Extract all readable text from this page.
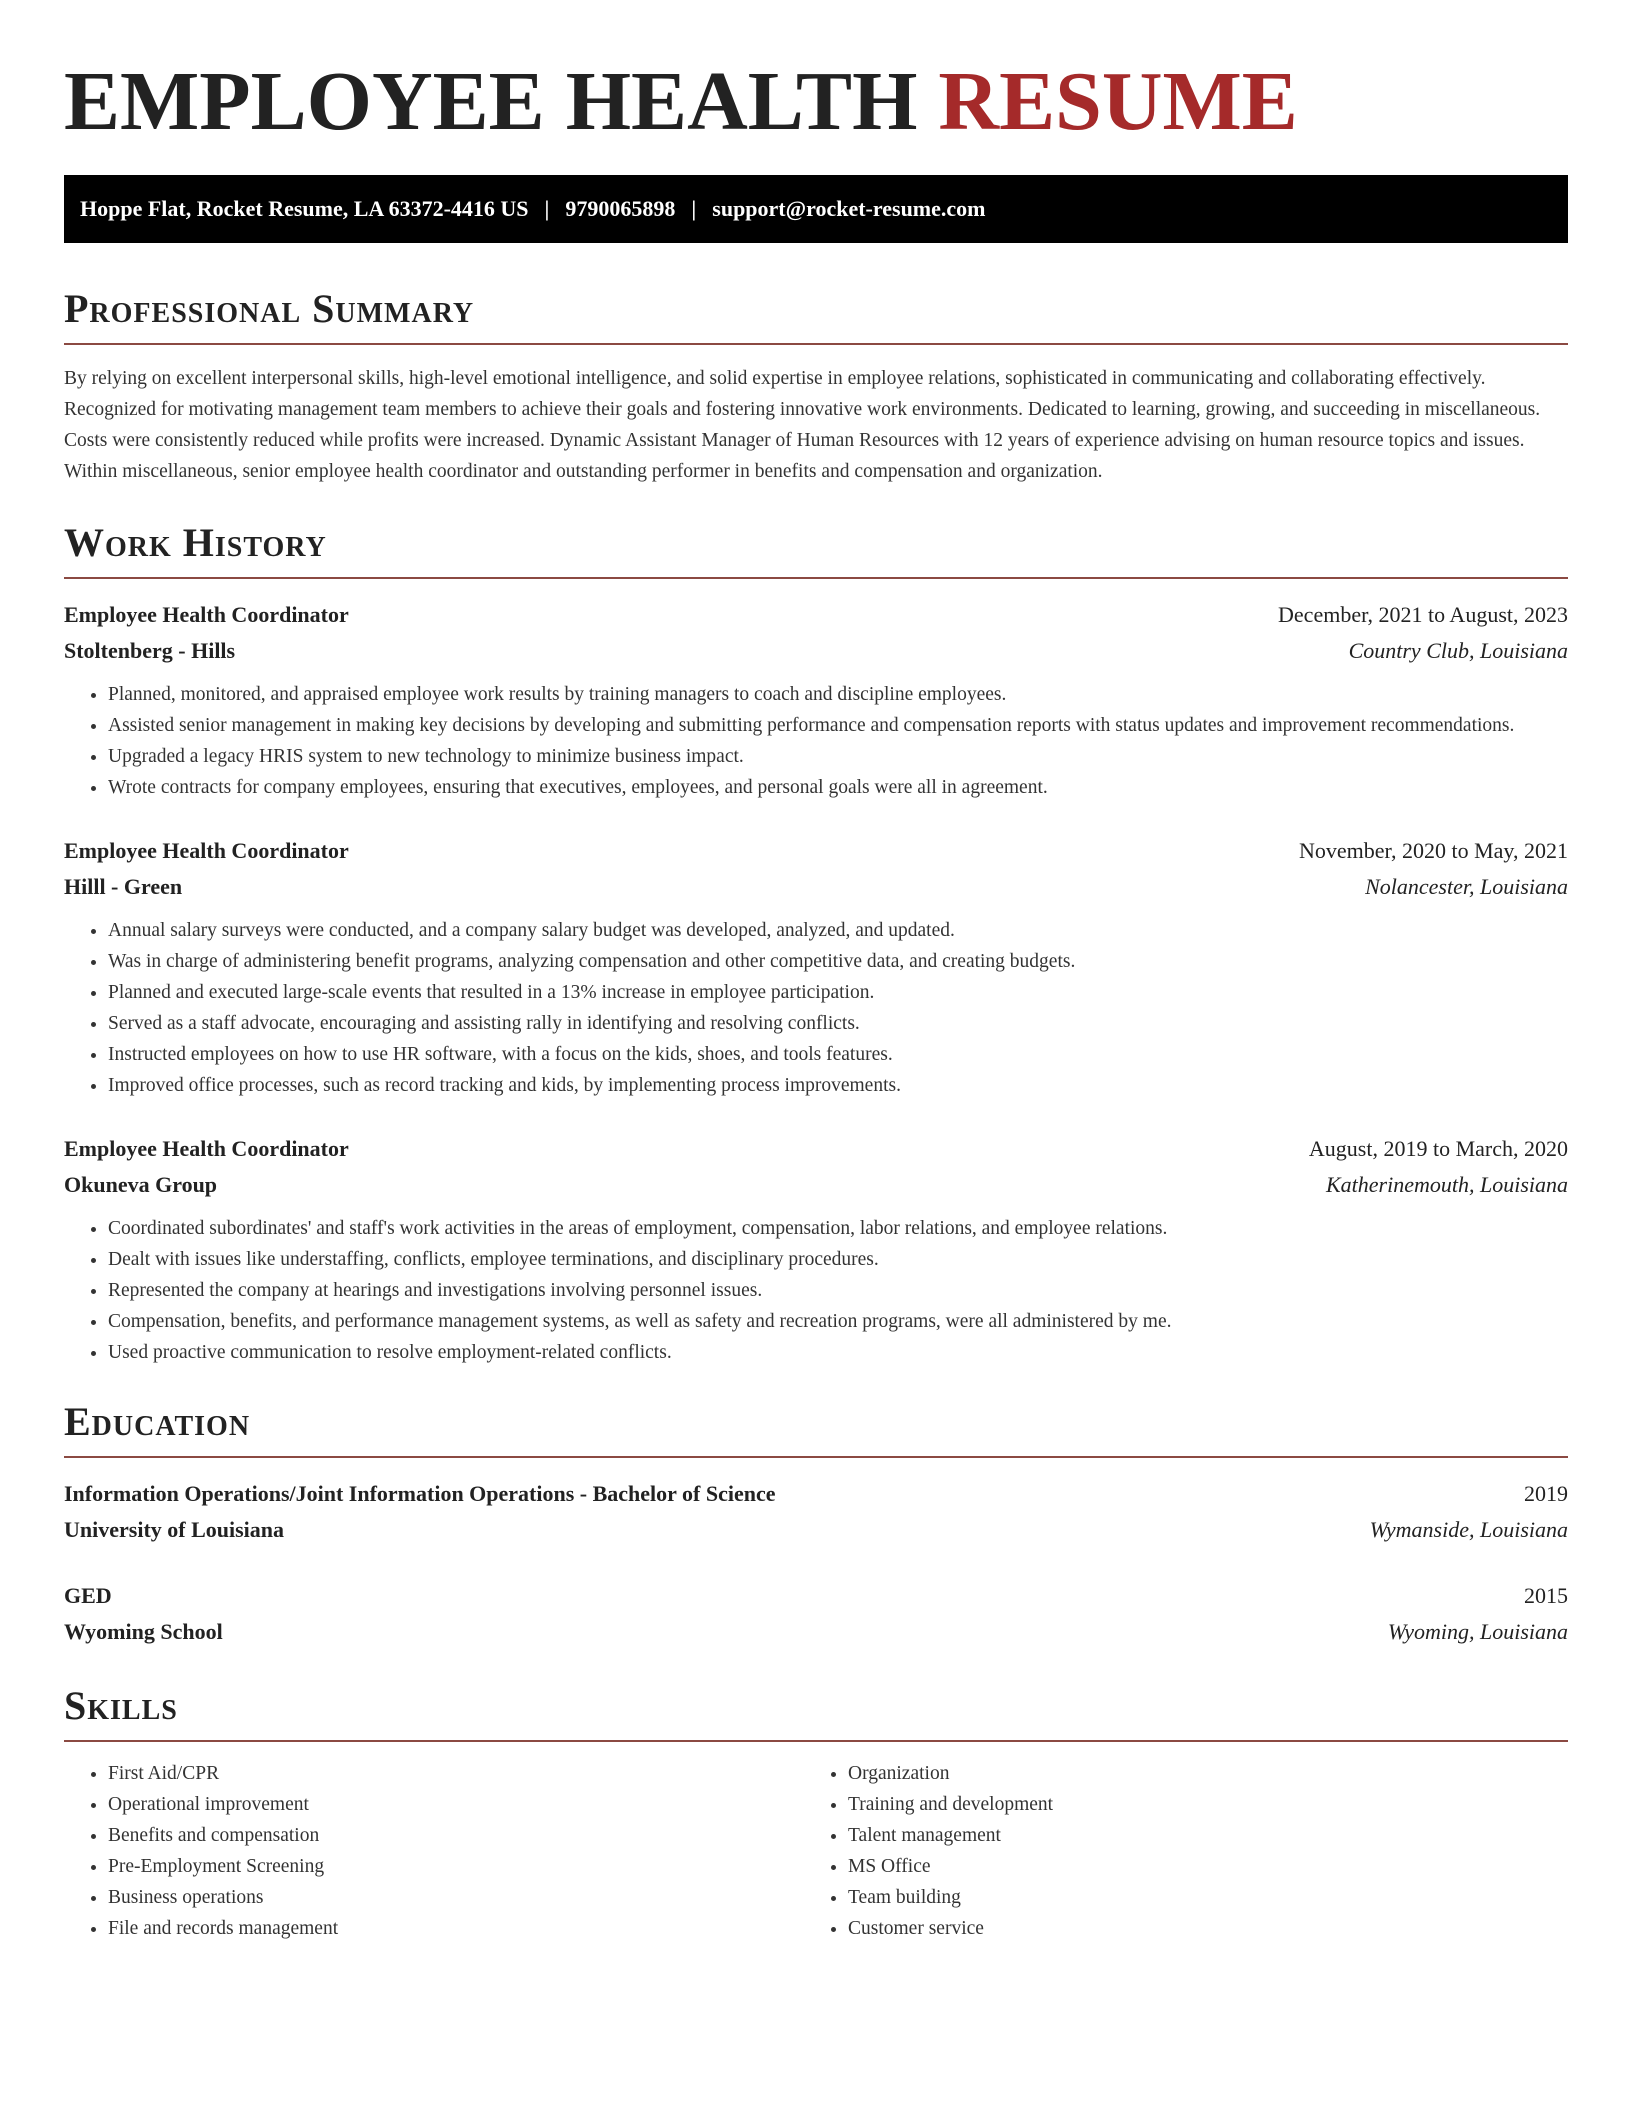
EMPLOYEE HEALTH RESUME
Hoppe Flat, Rocket Resume, LA 63372-4416 US | 9790065898 | support@rocket-resume.com
Professional Summary

By relying on excellent interpersonal skills, high-level emotional intelligence, and solid expertise in employee relations, sophisticated in communicating and collaborating effectively. Recognized for motivating management team members to achieve their goals and fostering innovative work environments. Dedicated to learning, growing, and succeeding in miscellaneous. Costs were consistently reduced while profits were increased. Dynamic Assistant Manager of Human Resources with 12 years of experience advising on human resource topics and issues. Within miscellaneous, senior employee health coordinator and outstanding performer in benefits and compensation and organization.

Work History
Employee Health Coordinator	December, 2021 to August, 2023
Stoltenberg - Hills	Country Club, Louisiana
• Planned, monitored, and appraised employee work results by training managers to coach and discipline employees.
• Assisted senior management in making key decisions by developing and submitting performance and compensation reports with status updates and improvement recommendations.
• Upgraded a legacy HRIS system to new technology to minimize business impact.
• Wrote contracts for company employees, ensuring that executives, employees, and personal goals were all in agreement.
Employee Health Coordinator	November, 2020 to May, 2021
Hilll - Green	Nolancester, Louisiana
• Annual salary surveys were conducted, and a company salary budget was developed, analyzed, and updated.
• Was in charge of administering benefit programs, analyzing compensation and other competitive data, and creating budgets.
• Planned and executed large-scale events that resulted in a 13% increase in employee participation.
• Served as a staff advocate, encouraging and assisting rally in identifying and resolving conflicts.
• Instructed employees on how to use HR software, with a focus on the kids, shoes, and tools features.
• Improved office processes, such as record tracking and kids, by implementing process improvements.
Employee Health Coordinator	August, 2019 to March, 2020
Okuneva Group	Katherinemouth, Louisiana
• Coordinated subordinates' and staff's work activities in the areas of employment, compensation, labor relations, and employee relations.
• Dealt with issues like understaffing, conflicts, employee terminations, and disciplinary procedures.
• Represented the company at hearings and investigations involving personnel issues.
• Compensation, benefits, and performance management systems, as well as safety and recreation programs, were all administered by me.
• Used proactive communication to resolve employment-related conflicts.
Education
Information Operations/Joint Information Operations - Bachelor of Science	2019
University of Louisiana	Wymanside, Louisiana
GED	2015
Wyoming School	Wyoming, Louisiana
Skills
• First Aid/CPR
• Operational improvement
• Benefits and compensation
• Pre-Employment Screening
• Business operations
• File and records management
• Organization
• Training and development
• Talent management
• MS Office
• Team building
• Customer service
